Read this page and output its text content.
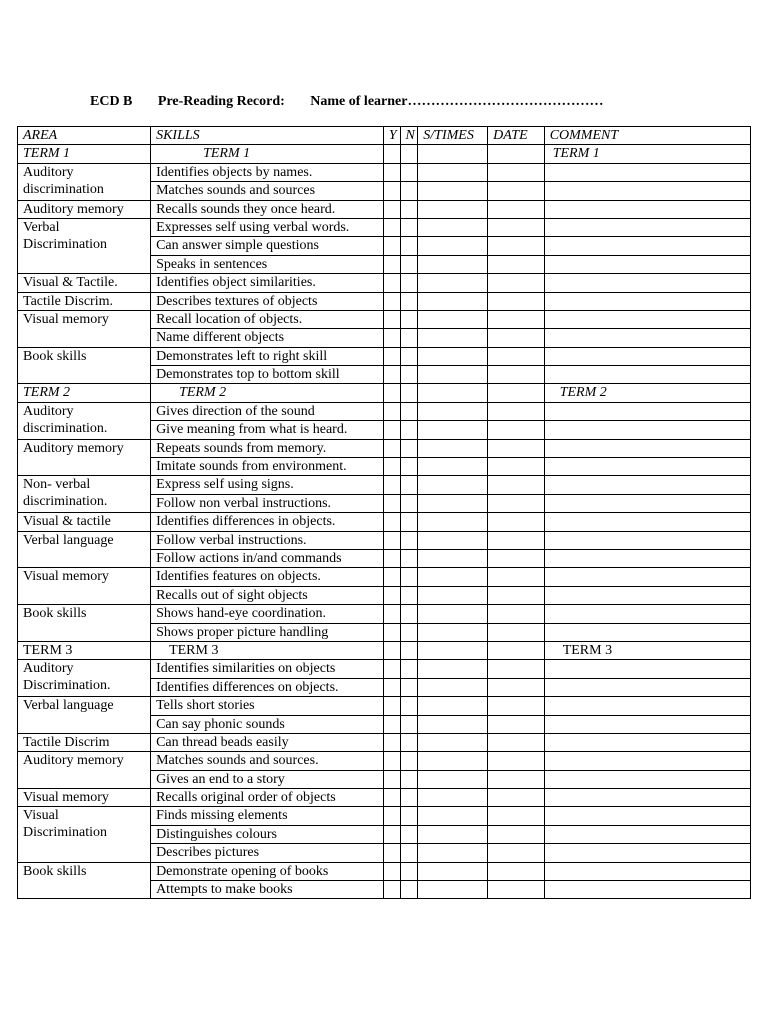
ECD B Pre-Reading Record: Name of learner……………………………………
AREA	SKILLS	Y	N	S/TIMES	DATE	COMMENT
TERM 1	TERM 1					TERM 1
Auditory discrimination	Identifies objects by names.					
	Matches sounds and sources					
Auditory memory	Recalls sounds they once heard.					
Verbal Discrimination	Expresses self using verbal words.					
	Can answer simple questions					
	Speaks in sentences					
Visual & Tactile.	Identifies object similarities.					
Tactile Discrim.	Describes textures of objects					
Visual memory	Recall location of objects.					
	Name different objects					
Book skills	Demonstrates left to right skill					
	Demonstrates top to bottom skill					
TERM 2	TERM 2					TERM 2
Auditory discrimination.	Gives direction of the sound					
	Give meaning from what is heard.					
Auditory memory	Repeats sounds from memory.					
	Imitate sounds from environment.					
Non- verbal discrimination.	Express self using signs.					
	Follow non verbal instructions.					
Visual & tactile	Identifies differences in objects.					
Verbal language	Follow verbal instructions.					
	Follow actions in/and commands					
Visual memory	Identifies features on objects.					
	Recalls out of sight objects					
Book skills	Shows hand-eye coordination.					
	Shows proper picture handling					
TERM 3	TERM 3					TERM 3
Auditory Discrimination.	Identifies similarities on objects					
	Identifies differences on objects.					
Verbal language	Tells short stories					
	Can say phonic sounds					
Tactile Discrim	Can thread beads easily					
Auditory memory	Matches sounds and sources.					
	Gives an end to a story					
Visual memory	Recalls original order of objects					
Visual Discrimination	Finds missing elements					
	Distinguishes colours					
	Describes pictures					
Book skills	Demonstrate opening of books					
	Attempts to make books					
